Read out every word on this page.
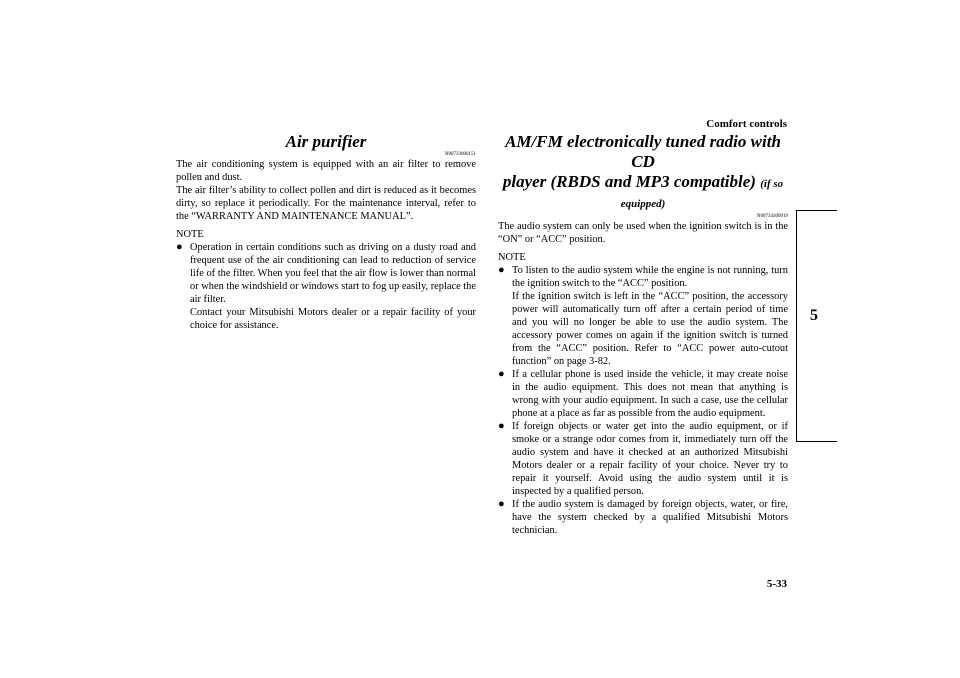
Comfort controls
5
Air purifier
N00733000151

The air conditioning system is equipped with an air filter to remove pollen and dust.

The air filter’s ability to collect pollen and dirt is reduced as it becomes dirty, so replace it periodically. For the maintenance interval, refer to the “WARRANTY AND MAINTENANCE MANUAL”.

NOTE

● Operation in certain conditions such as driving on a dusty road and frequent use of the air conditioning can lead to reduction of service life of the filter. When you feel that the air flow is lower than normal or when the windshield or windows start to fog up easily, replace the air filter.
Contact your Mitsubishi Motors dealer or a repair facility of your choice for assistance.
AM/FM electronically tuned radio with CD
player (RBDS and MP3 compatible) (if so
equipped)
N00734300919

The audio system can only be used when the ignition switch is in the “ON” or “ACC” position.

NOTE

● To listen to the audio system while the engine is not running, turn the ignition switch to the “ACC” position.
If the ignition switch is left in the “ACC” position, the accessory power will automatically turn off after a certain period of time and you will no longer be able to use the audio system. The accessory power comes on again if the ignition switch is turned from the “ACC” position. Refer to “ACC power auto-cutout function” on page 3-82.
● If a cellular phone is used inside the vehicle, it may create noise in the audio equipment. This does not mean that anything is wrong with your audio equipment. In such a case, use the cellular phone at a place as far as possible from the audio equipment.
● If foreign objects or water get into the audio equipment, or if smoke or a strange odor comes from it, immediately turn off the audio system and have it checked at an authorized Mitsubishi Motors dealer or a repair facility of your choice. Never try to repair it yourself. Avoid using the audio system until it is inspected by a qualified person.
● If the audio system is damaged by foreign objects, water, or fire, have the system checked by a qualified Mitsubishi Motors technician.
5-33
